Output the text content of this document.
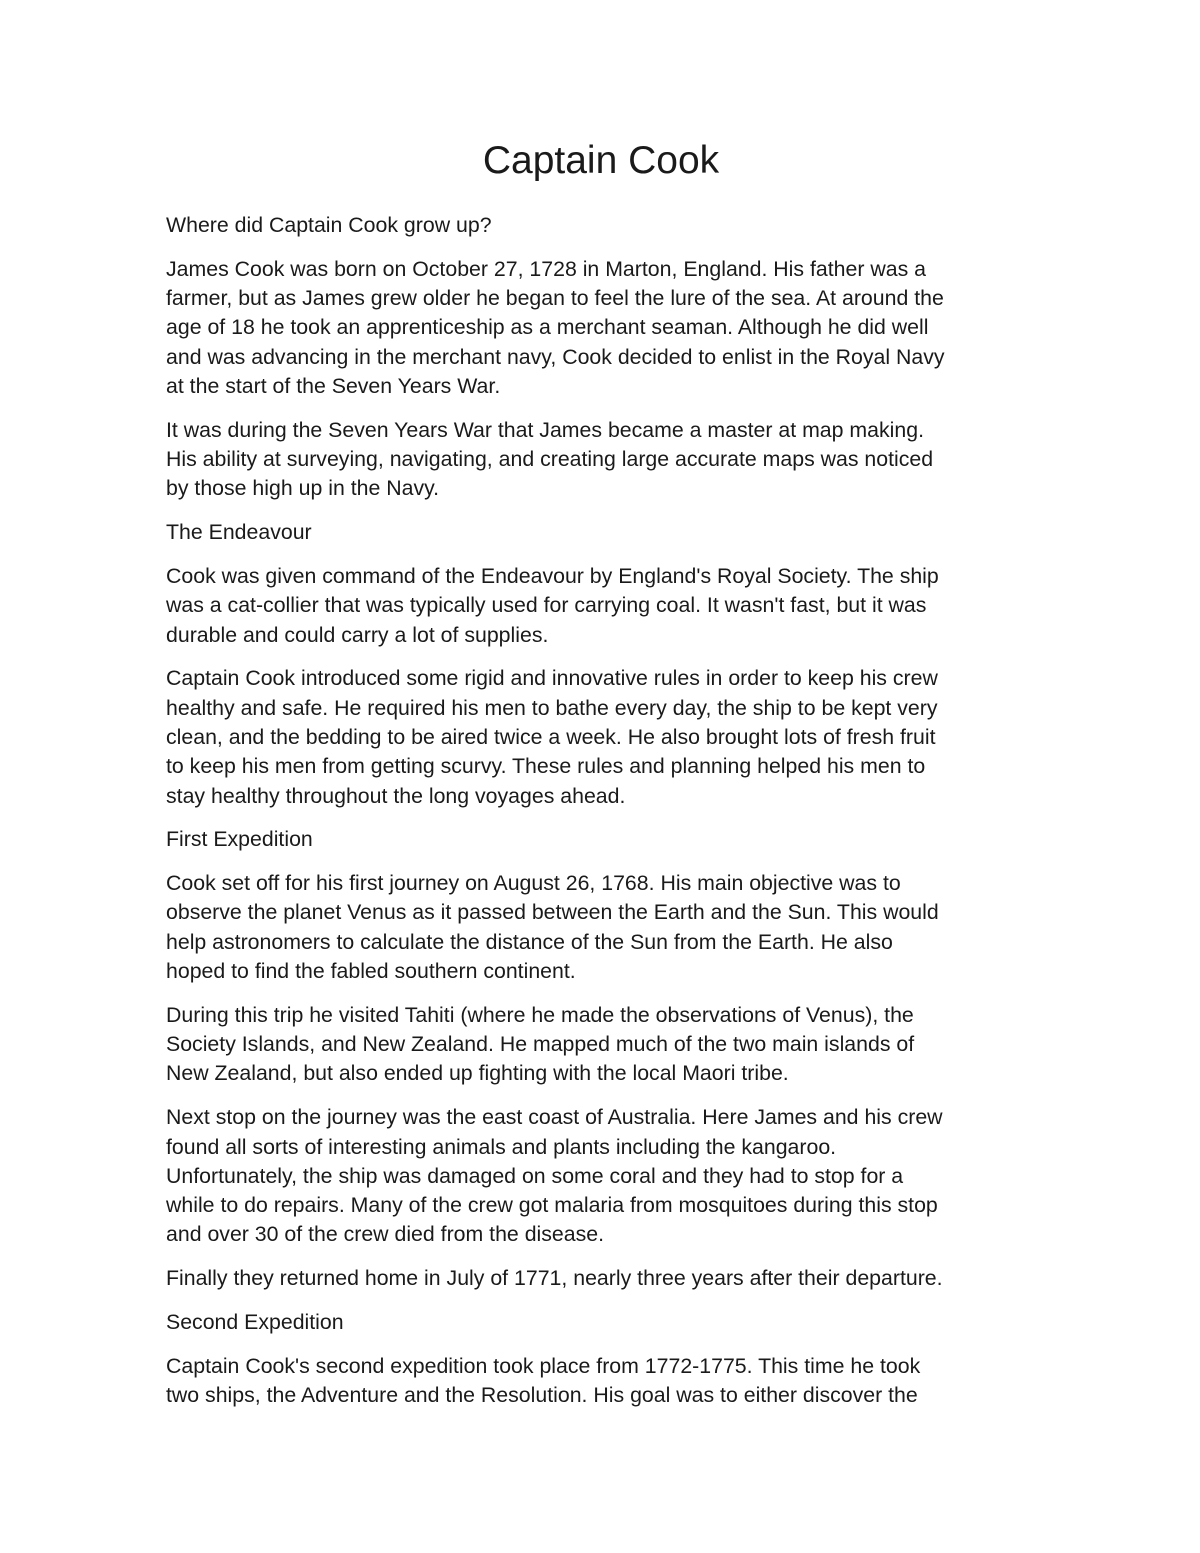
Captain Cook

Where did Captain Cook grow up?

James Cook was born on October 27, 1728 in Marton, England. His father was a
farmer, but as James grew older he began to feel the lure of the sea. At around the
age of 18 he took an apprenticeship as a merchant seaman. Although he did well
and was advancing in the merchant navy, Cook decided to enlist in the Royal Navy
at the start of the Seven Years War.

It was during the Seven Years War that James became a master at map making.
His ability at surveying, navigating, and creating large accurate maps was noticed
by those high up in the Navy.

The Endeavour

Cook was given command of the Endeavour by England's Royal Society. The ship
was a cat-collier that was typically used for carrying coal. It wasn't fast, but it was
durable and could carry a lot of supplies.

Captain Cook introduced some rigid and innovative rules in order to keep his crew
healthy and safe. He required his men to bathe every day, the ship to be kept very
clean, and the bedding to be aired twice a week. He also brought lots of fresh fruit
to keep his men from getting scurvy. These rules and planning helped his men to
stay healthy throughout the long voyages ahead.

First Expedition

Cook set off for his first journey on August 26, 1768. His main objective was to
observe the planet Venus as it passed between the Earth and the Sun. This would
help astronomers to calculate the distance of the Sun from the Earth. He also
hoped to find the fabled southern continent.

During this trip he visited Tahiti (where he made the observations of Venus), the
Society Islands, and New Zealand. He mapped much of the two main islands of
New Zealand, but also ended up fighting with the local Maori tribe.

Next stop on the journey was the east coast of Australia. Here James and his crew
found all sorts of interesting animals and plants including the kangaroo.
Unfortunately, the ship was damaged on some coral and they had to stop for a
while to do repairs. Many of the crew got malaria from mosquitoes during this stop
and over 30 of the crew died from the disease.

Finally they returned home in July of 1771, nearly three years after their departure.

Second Expedition

Captain Cook's second expedition took place from 1772-1775. This time he took
two ships, the Adventure and the Resolution. His goal was to either discover the
